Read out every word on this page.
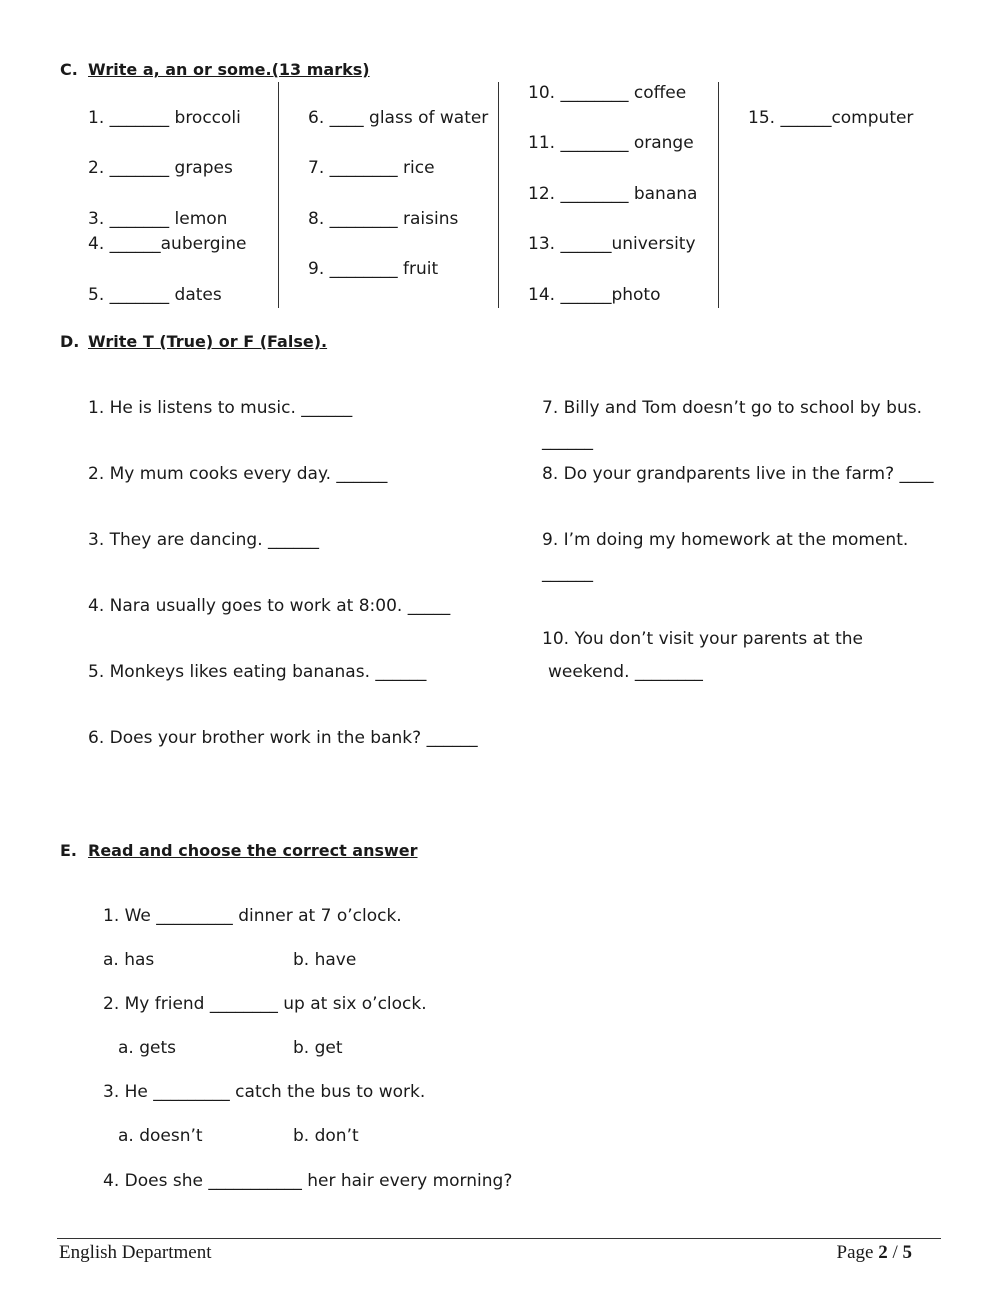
C. Write a, an or some.(13 marks)
1. _______ broccoli
2. _______ grapes
3. _______ lemon
4. ______aubergine
5. _______ dates
6. ____ glass of water
7. ________ rice
8. ________ raisins
9. ________ fruit
10. ________ coffee
11. ________ orange
12. ________ banana
13. ______university
14. ______photo
15. ______computer
D. Write T (True) or F (False).
1. He is listens to music. ______
2. My mum cooks every day. ______
3. They are dancing. ______
4. Nara usually goes to work at 8:00. _____
5. Monkeys likes eating bananas. ______
6. Does your brother work in the bank? ______
7. Billy and Tom doesn’t go to school by bus.
______
8. Do your grandparents live in the farm? ____
9. I’m doing my homework at the moment.
______
10. You don’t visit your parents at the
weekend. ________
E. Read and choose the correct answer
1. We _________ dinner at 7 o’clock.
a. has	b. have
2. My friend ________ up at six o’clock.
a. gets	b. get
3. He _________ catch the bus to work.
a. doesn’t	b. don’t
4. Does she ___________ her hair every morning?
English Department	Page 2 / 5
